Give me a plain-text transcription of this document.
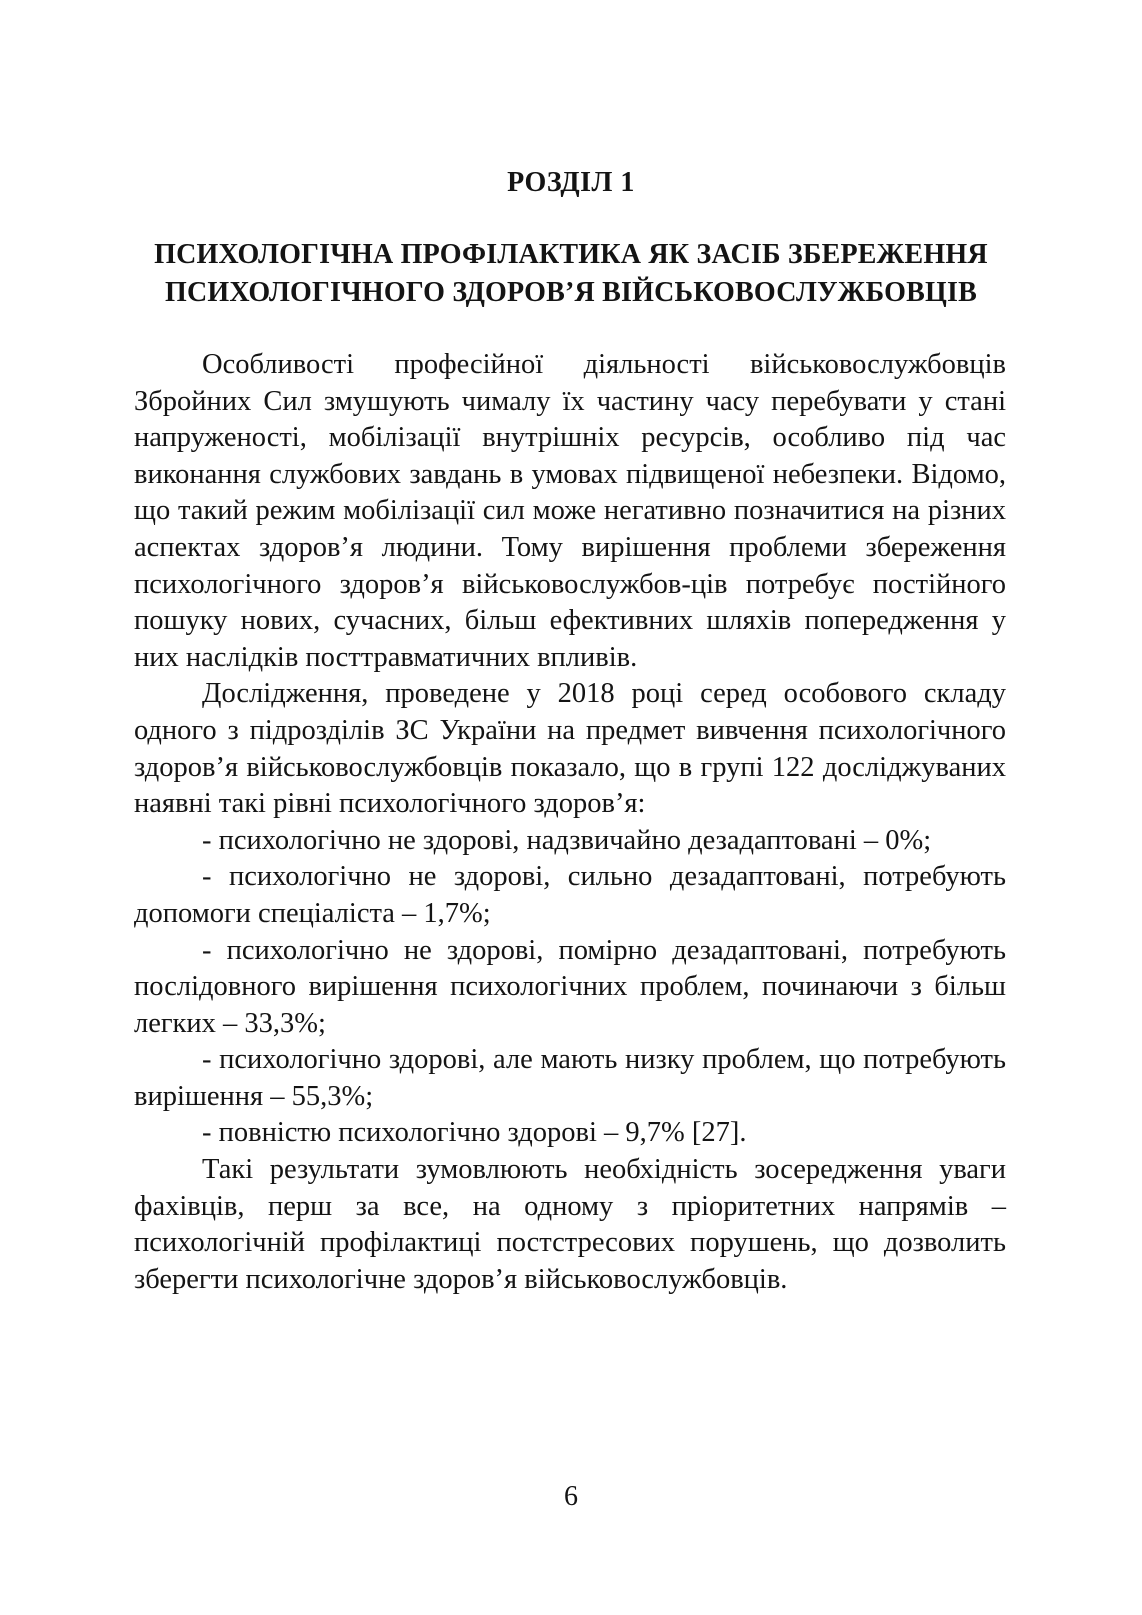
РОЗДІЛ 1
ПСИХОЛОГІЧНА ПРОФІЛАКТИКА ЯК ЗАСІБ ЗБЕРЕЖЕННЯ
ПСИХОЛОГІЧНОГО ЗДОРОВ’Я ВІЙСЬКОВОСЛУЖБОВЦІВ

Особливості професійної діяльності військовослужбовців Збройних Сил змушують чималу їх частину часу перебувати у стані напруженості, мобілізації внутрішніх ресурсів, особливо під час виконання службових завдань в умовах підвищеної небезпеки. Відомо, що такий режим мобілізації сил може негативно позначитися на різних аспектах здоров’я людини. Тому вирішення проблеми збереження психологічного здоров’я військовослужбов-ців потребує постійного пошуку нових, сучасних, більш ефективних шляхів попередження у них наслідків посттравматичних впливів.

Дослідження, проведене у 2018 році серед особового складу одного з підрозділів ЗС України на предмет вивчення психологічного здоров’я військовослужбовців показало, що в групі 122 досліджуваних наявні такі рівні психологічного здоров’я:

- психологічно не здорові, надзвичайно дезадаптовані – 0%;

- психологічно не здорові, сильно дезадаптовані, потребують допомоги спеціаліста – 1,7%;

- психологічно не здорові, помірно дезадаптовані, потребують послідовного вирішення психологічних проблем, починаючи з більш легких – 33,3%;

- психологічно здорові, але мають низку проблем, що потребують вирішення – 55,3%;

- повністю психологічно здорові – 9,7% [27].

Такі результати зумовлюють необхідність зосередження уваги фахівців, перш за все, на одному з пріоритетних напрямів – психологічній профілактиці постстресових порушень, що дозволить зберегти психологічне здоров’я військовослужбовців.

6
